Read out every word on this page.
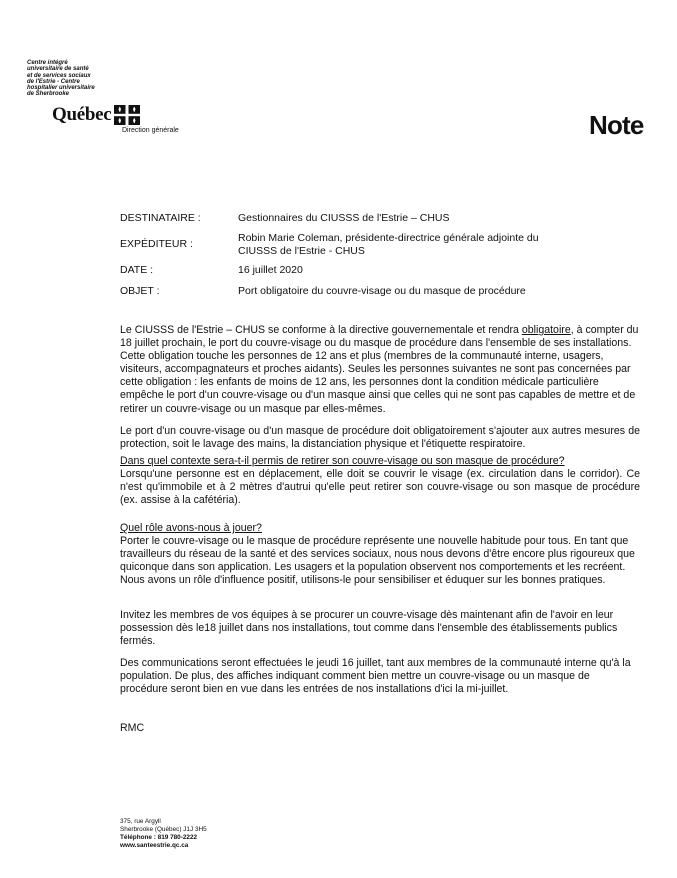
Centre intégré
universitaire de santé
et de services sociaux
de l'Estrie - Centre
hospitalier universitaire
de Sherbrooke
Québec
Direction générale	Note
DESTINATAIRE :	Gestionnaires du CIUSSS de l'Estrie – CHUS
EXPÉDITEUR :	Robin Marie Coleman, présidente-directrice générale adjointe du CIUSSS de l'Estrie - CHUS
DATE :	16 juillet 2020
OBJET :	Port obligatoire du couvre-visage ou du masque de procédure
Le CIUSSS de l'Estrie – CHUS se conforme à la directive gouvernementale et rendra obligatoire, à compter du 18 juillet prochain, le port du couvre-visage ou du masque de procédure dans l'ensemble de ses installations. Cette obligation touche les personnes de 12 ans et plus (membres de la communauté interne, usagers, visiteurs, accompagnateurs et proches aidants). Seules les personnes suivantes ne sont pas concernées par cette obligation : les enfants de moins de 12 ans, les personnes dont la condition médicale particulière empêche le port d'un couvre-visage ou d'un masque ainsi que celles qui ne sont pas capables de mettre et de retirer un couvre-visage ou un masque par elles-mêmes.
Le port d'un couvre-visage ou d'un masque de procédure doit obligatoirement s'ajouter aux autres mesures de protection, soit le lavage des mains, la distanciation physique et l'étiquette respiratoire.
Dans quel contexte sera-t-il permis de retirer son couvre-visage ou son masque de procédure?
Lorsqu'une personne est en déplacement, elle doit se couvrir le visage (ex. circulation dans le corridor). Ce n'est qu'immobile et à 2 mètres d'autrui qu'elle peut retirer son couvre-visage ou son masque de procédure (ex. assise à la cafétéria).
Quel rôle avons-nous à jouer?
Porter le couvre-visage ou le masque de procédure représente une nouvelle habitude pour tous. En tant que travailleurs du réseau de la santé et des services sociaux, nous nous devons d'être encore plus rigoureux que quiconque dans son application. Les usagers et la population observent nos comportements et les recréent. Nous avons un rôle d'influence positif, utilisons-le pour sensibiliser et éduquer sur les bonnes pratiques.
Invitez les membres de vos équipes à se procurer un couvre-visage dès maintenant afin de l'avoir en leur possession dès le18 juillet dans nos installations, tout comme dans l'ensemble des établissements publics fermés.
Des communications seront effectuées le jeudi 16 juillet, tant aux membres de la communauté interne qu'à la population. De plus, des affiches indiquant comment bien mettre un couvre-visage ou un masque de procédure seront bien en vue dans les entrées de nos installations d'ici la mi-juillet.
RMC
375, rue Argyll
Sherbrooke (Québec) J1J 3H5
Téléphone : 819 780-2222
www.santeestrie.qc.ca
